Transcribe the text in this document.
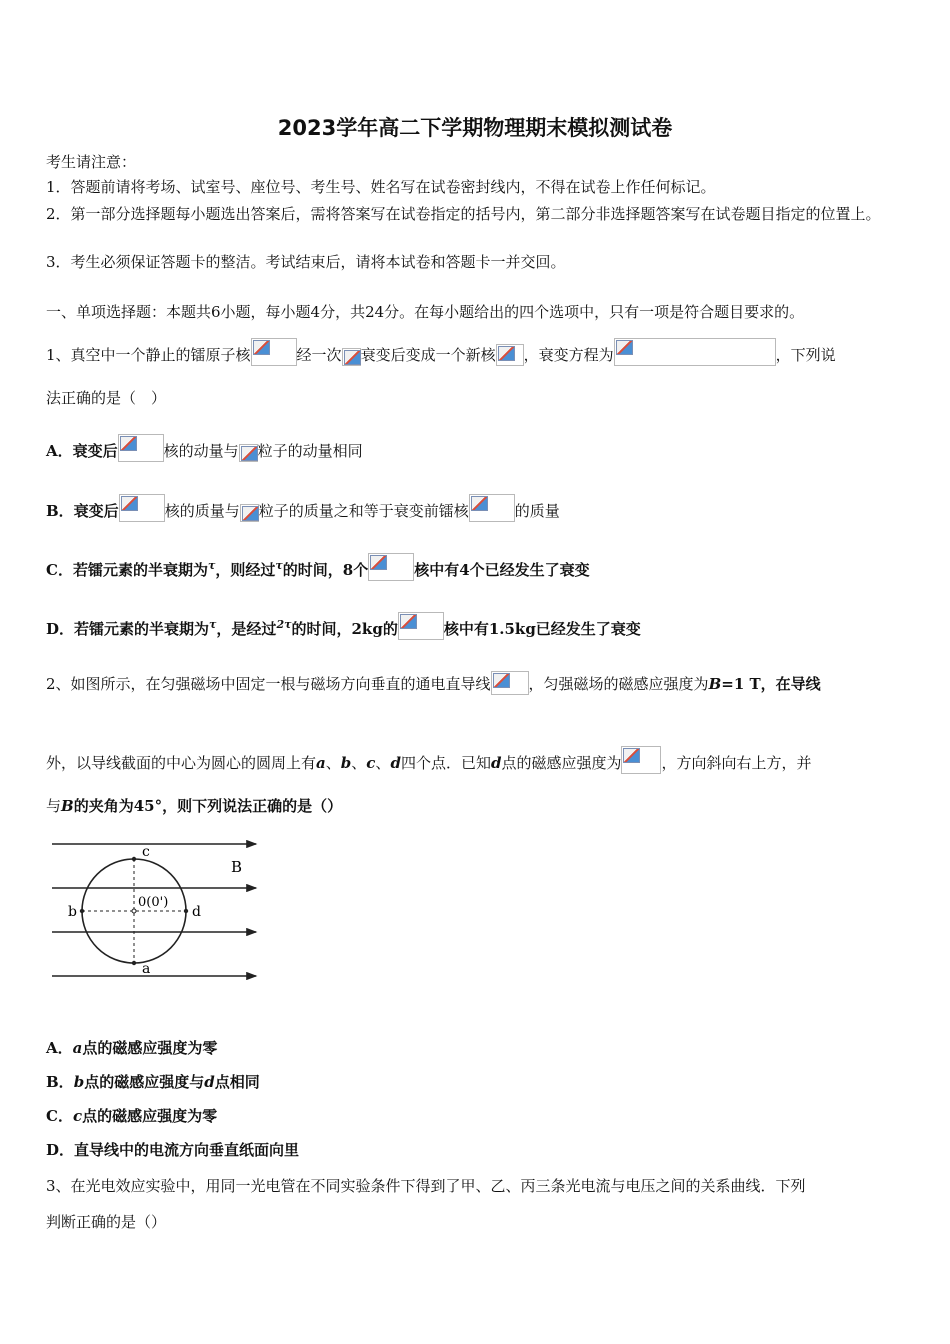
2023学年高二下学期物理期末模拟测试卷
考生请注意：
1．答题前请将考场、试室号、座位号、考生号、姓名写在试卷密封线内，不得在试卷上作任何标记。
2．第一部分选择题每小题选出答案后，需将答案写在试卷指定的括号内，第二部分非选择题答案写在试卷题目指定的位置上。
3．考生必须保证答题卡的整洁。考试结束后，请将本试卷和答题卡一并交回。
一、单项选择题：本题共6小题，每小题4分，共24分。在每小题给出的四个选项中，只有一项是符合题目要求的。
1、真空中一个静止的镭原子核	经一次 衰变后变成一个新核 ，衰变方程为	，下列说
法正确的是（　）
A．衰变后	核的动量与 粒子的动量相同
B．衰变后	核的质量与 粒子的质量之和等于衰变前镭核	的质量
C．若镭元素的半衰期为$^\tau$，则经过$^\tau$的时间，8个	核中有4个已经发生了衰变
D．若镭元素的半衰期为$^\tau$，是经过$^{2\tau}$的时间，2kg的	核中有1.5kg已经发生了衰变
2、如图所示，在匀强磁场中固定一根与磁场方向垂直的通电直导线	，匀强磁场的磁感应强度为B=1 T，在导线
外，以导线截面的中心为圆心的圆周上有a、b、c、d四个点．已知d点的磁感应强度为	，方向斜向右上方，并
与B的夹角为45°，则下列说法正确的是（）
c
b	d
a
B
0(0')
A．a点的磁感应强度为零
B．b点的磁感应强度与d点相同
C．c点的磁感应强度为零
D．直导线中的电流方向垂直纸面向里
3、在光电效应实验中，用同一光电管在不同实验条件下得到了甲、乙、丙三条光电流与电压之间的关系曲线．下列
判断正确的是（）
